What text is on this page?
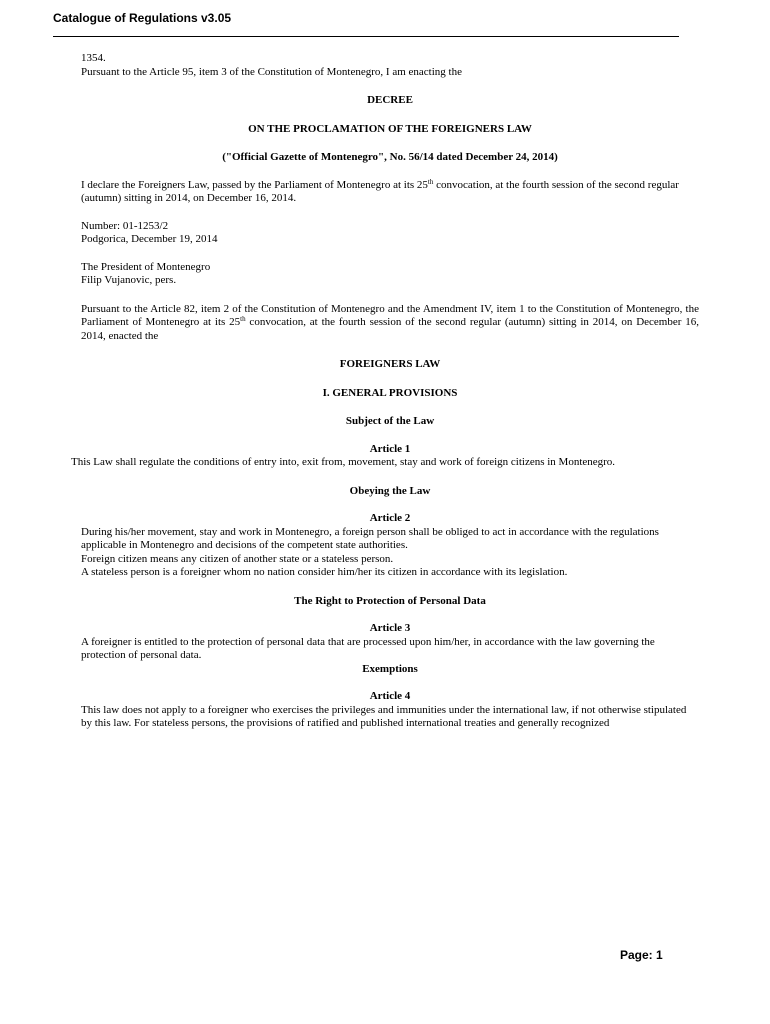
Catalogue of Regulations v3.05

1354.

Pursuant to the Article 95, item 3 of the Constitution of Montenegro, I am enacting the

DECREE

ON THE PROCLAMATION OF THE FOREIGNERS LAW

("Official Gazette of Montenegro", No. 56/14 dated December 24, 2014)

I declare the Foreigners Law, passed by the Parliament of Montenegro at its 25th convocation, at the fourth session of the second regular (autumn) sitting in 2014, on December 16, 2014.

Number: 01-1253/2

Podgorica, December 19, 2014

The President of Montenegro

Filip Vujanovic, pers.

Pursuant to the Article 82, item 2 of the Constitution of Montenegro and the Amendment IV, item 1 to the Constitution of Montenegro, the Parliament of Montenegro at its 25th convocation, at the fourth session of the second regular (autumn) sitting in 2014, on December 16, 2014, enacted the

FOREIGNERS LAW

I. GENERAL PROVISIONS

Subject of the Law

Article 1

This Law shall regulate the conditions of entry into, exit from, movement, stay and work of foreign citizens in Montenegro.

Obeying the Law

Article 2

During his/her movement, stay and work in Montenegro, a foreign person shall be obliged to act in accordance with the regulations applicable in Montenegro and decisions of the competent state authorities.

Foreign citizen means any citizen of another state or a stateless person.

A stateless person is a foreigner whom no nation consider him/her its citizen in accordance with its legislation.

The Right to Protection of Personal Data

Article 3

A foreigner is entitled to the protection of personal data that are processed upon him/her, in accordance with the law governing the protection of personal data.

Exemptions

Article 4

This law does not apply to a foreigner who exercises the privileges and immunities under the international law, if not otherwise stipulated by this law. For stateless persons, the provisions of ratified and published international treaties and generally recognized

Page: 1
